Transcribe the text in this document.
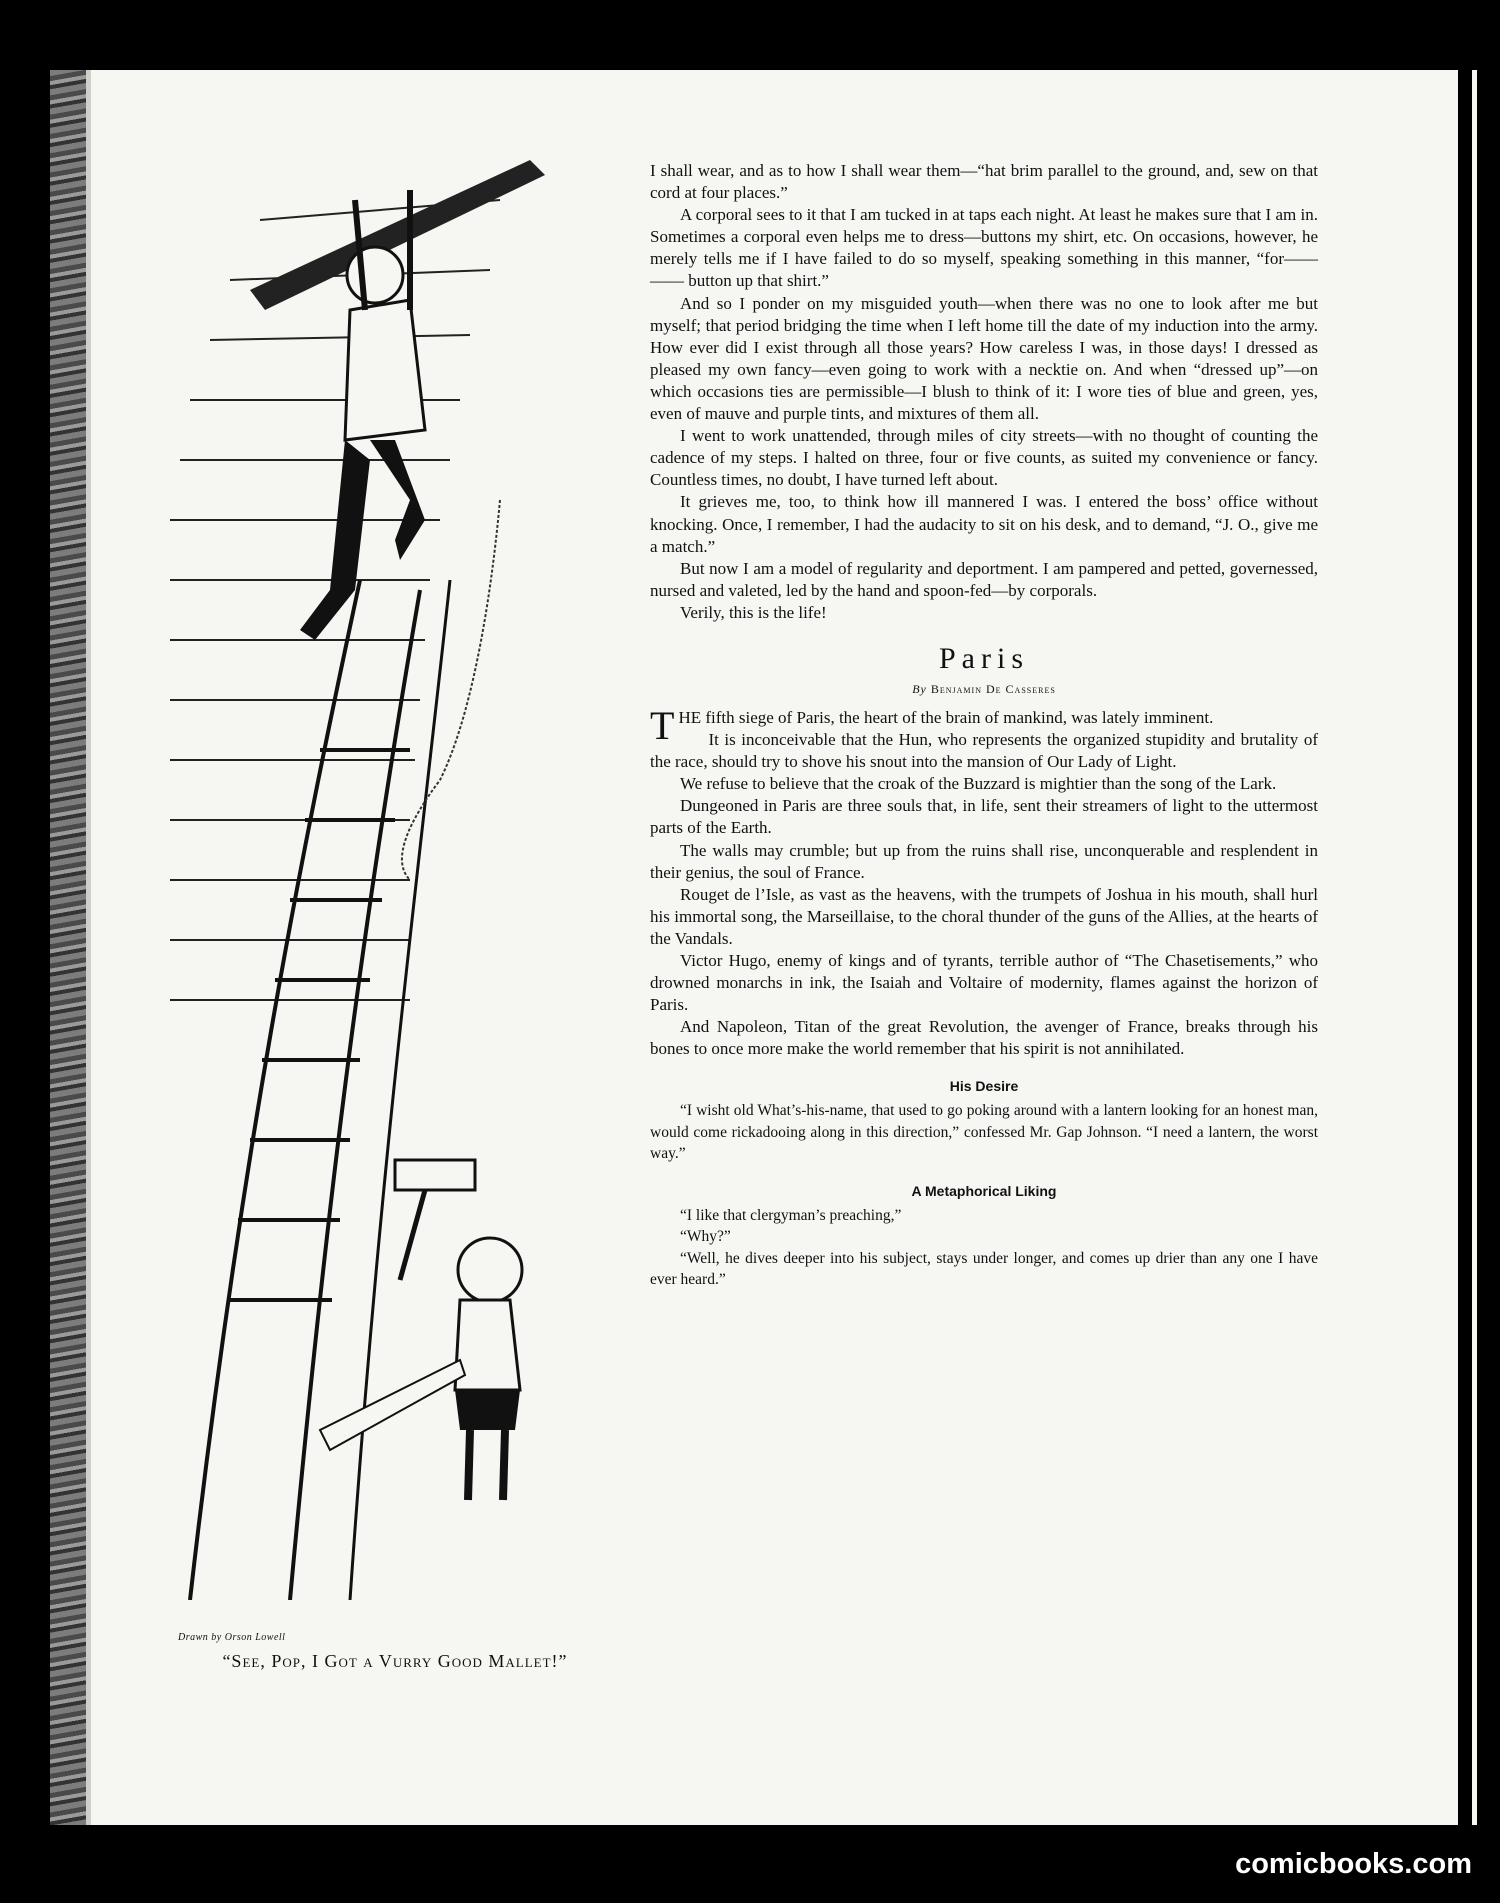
Drawn by Orson Lowell
“See, Pop, I Got a Vurry Good Mallet!”

I shall wear, and as to how I shall wear them—“hat brim parallel to the ground, and, sew on that cord at four places.”

A corporal sees to it that I am tucked in at taps each night. At least he makes sure that I am in. Sometimes a corporal even helps me to dress—buttons my shirt, etc. On occasions, however, he merely tells me if I have failed to do so myself, speaking something in this manner, “for—— —— button up that shirt.”

And so I ponder on my misguided youth—when there was no one to look after me but myself; that period bridging the time when I left home till the date of my induction into the army. How ever did I exist through all those years? How careless I was, in those days! I dressed as pleased my own fancy—even going to work with a necktie on. And when “dressed up”—on which occasions ties are permissible—I blush to think of it: I wore ties of blue and green, yes, even of mauve and purple tints, and mixtures of them all.

I went to work unattended, through miles of city streets—with no thought of counting the cadence of my steps. I halted on three, four or five counts, as suited my convenience or fancy. Countless times, no doubt, I have turned left about.

It grieves me, too, to think how ill mannered I was. I entered the boss’ office without knocking. Once, I remember, I had the audacity to sit on his desk, and to demand, “J. O., give me a match.”

But now I am a model of regularity and deportment. I am pampered and petted, governessed, nursed and valeted, led by the hand and spoon-fed—by corporals.

Verily, this is the life!

Paris
By Benjamin De Casseres

THE fifth siege of Paris, the heart of the brain of mankind, was lately imminent.

It is inconceivable that the Hun, who represents the organized stupidity and brutality of the race, should try to shove his snout into the mansion of Our Lady of Light.

We refuse to believe that the croak of the Buzzard is mightier than the song of the Lark.

Dungeoned in Paris are three souls that, in life, sent their streamers of light to the uttermost parts of the Earth.

The walls may crumble; but up from the ruins shall rise, unconquerable and resplendent in their genius, the soul of France.

Rouget de l’Isle, as vast as the heavens, with the trumpets of Joshua in his mouth, shall hurl his immortal song, the Marseillaise, to the choral thunder of the guns of the Allies, at the hearts of the Vandals.

Victor Hugo, enemy of kings and of tyrants, terrible author of “The Chasetisements,” who drowned monarchs in ink, the Isaiah and Voltaire of modernity, flames against the horizon of Paris.

And Napoleon, Titan of the great Revolution, the avenger of France, breaks through his bones to once more make the world remember that his spirit is not annihilated.

His Desire

“I wisht old What’s-his-name, that used to go poking around with a lantern looking for an honest man, would come rickadooing along in this direction,” confessed Mr. Gap Johnson. “I need a lantern, the worst way.”

A Metaphorical Liking

“I like that clergyman’s preaching,”

“Why?”

“Well, he dives deeper into his subject, stays under longer, and comes up drier than any one I have ever heard.”

comicbooks.com
